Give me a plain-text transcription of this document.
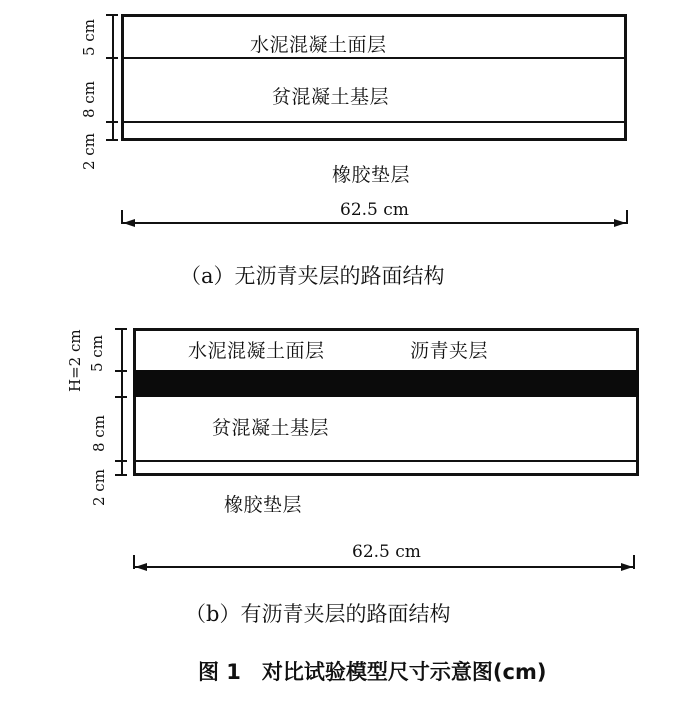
水泥混凝土面层
贫混凝土基层
橡胶垫层
5 cm
8 cm
2 cm
62.5 cm
（a）无沥青夹层的路面结构
水泥混凝土面层	沥青夹层
贫混凝土基层
橡胶垫层
H=2 cm 5 cm
8 cm
2 cm
62.5 cm
（b）有沥青夹层的路面结构
图 1　对比试验模型尺寸示意图(cm)
